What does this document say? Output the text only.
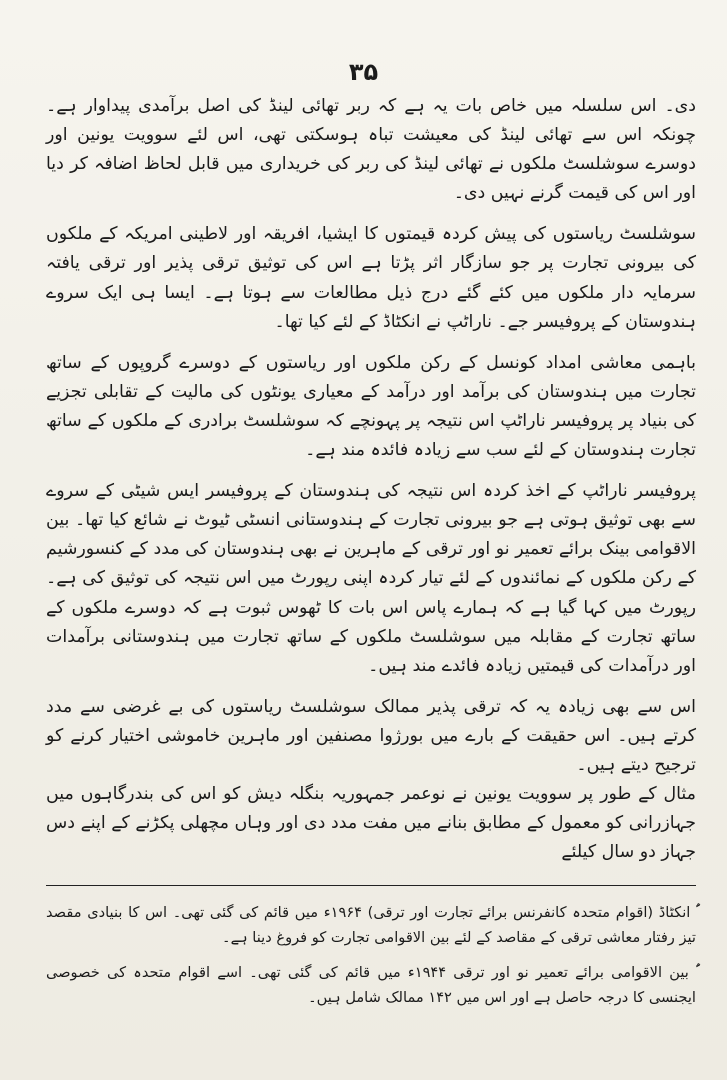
۳۵

دی۔ اس سلسلہ میں خاص بات یہ ہے کہ ربر تھائی لینڈ کی اصل برآمدی پیداوار ہے۔ چونکہ اس سے تھائی لینڈ کی معیشت تباہ ہوسکتی تھی، اس لئے سوویت یونین اور دوسرے سوشلسٹ ملکوں نے تھائی لینڈ کی ربر کی خریداری میں قابل لحاظ اضافہ کر دیا اور اس کی قیمت گرنے نہیں دی۔

سوشلسٹ ریاستوں کی پیش کردہ قیمتوں کا ایشیا، افریقہ اور لاطینی امریکہ کے ملکوں کی بیرونی تجارت پر جو سازگار اثر پڑتا ہے اس کی توثیق ترقی پذیر اور ترقی یافتہ سرمایہ دار ملکوں میں کئے گئے درج ذیل مطالعات سے ہوتا ہے۔ ایسا ہی ایک سروے ہندوستان کے پروفیسر جے۔ ناراٹپ نے انکٹاڈ کے لئے کیا تھا۔

باہمی معاشی امداد کونسل کے رکن ملکوں اور ریاستوں کے دوسرے گروپوں کے ساتھ تجارت میں ہندوستان کی برآمد اور درآمد کے معیاری یونٹوں کی مالیت کے تقابلی تجزیے کی بنیاد پر پروفیسر ناراٹپ اس نتیجہ پر پہونچے کہ سوشلسٹ برادری کے ملکوں کے ساتھ تجارت ہندوستان کے لئے سب سے زیادہ فائدہ مند ہے۔

پروفیسر ناراٹپ کے اخذ کردہ اس نتیجہ کی ہندوستان کے پروفیسر ایس شیٹی کے سروے سے بھی توثیق ہوتی ہے جو بیرونی تجارت کے ہندوستانی انسٹی ٹیوٹ نے شائع کیا تھا۔ بین الاقوامی بینک برائے تعمیر نو اور ترقی کے ماہرین نے بھی ہندوستان کی مدد کے کنسورشیم کے رکن ملکوں کے نمائندوں کے لئے تیار کردہ اپنی رپورٹ میں اس نتیجہ کی توثیق کی ہے۔ رپورٹ میں کہا گیا ہے کہ ہمارے پاس اس بات کا ٹھوس ثبوت ہے کہ دوسرے ملکوں کے ساتھ تجارت کے مقابلہ میں سوشلسٹ ملکوں کے ساتھ تجارت میں ہندوستانی برآمدات اور درآمدات کی قیمتیں زیادہ فائدے مند ہیں۔

اس سے بھی زیادہ یہ کہ ترقی پذیر ممالک سوشلسٹ ریاستوں کی بے غرضی سے مدد کرتے ہیں۔ اس حقیقت کے بارے میں بورژوا مصنفین اور ماہرین خاموشی اختیار کرنے کو ترجیح دیتے ہیں۔

مثال کے طور پر سوویت یونین نے نوعمر جمہوریہ بنگلہ دیش کو اس کی بندرگاہوں میں جہازرانی کو معمول کے مطابق بنانے میں مفت مدد دی اور وہاں مچھلی پکڑنے کے اپنے دس جہاز دو سال کیلئے

انکٹاڈ (اقوام متحدہ کانفرنس برائے تجارت اور ترقی) ۱۹۶۴ء میں قائم کی گئی تھی۔ اس کا بنیادی مقصد تیز رفتار معاشی ترقی کے مقاصد کے لئے بین الاقوامی تجارت کو فروغ دینا ہے۔

بین الاقوامی برائے تعمیر نو اور ترقی ۱۹۴۴ء میں قائم کی گئی تھی۔ اسے اقوام متحدہ کی خصوصی ایجنسی کا درجہ حاصل ہے اور اس میں ۱۴۲ ممالک شامل ہیں۔
